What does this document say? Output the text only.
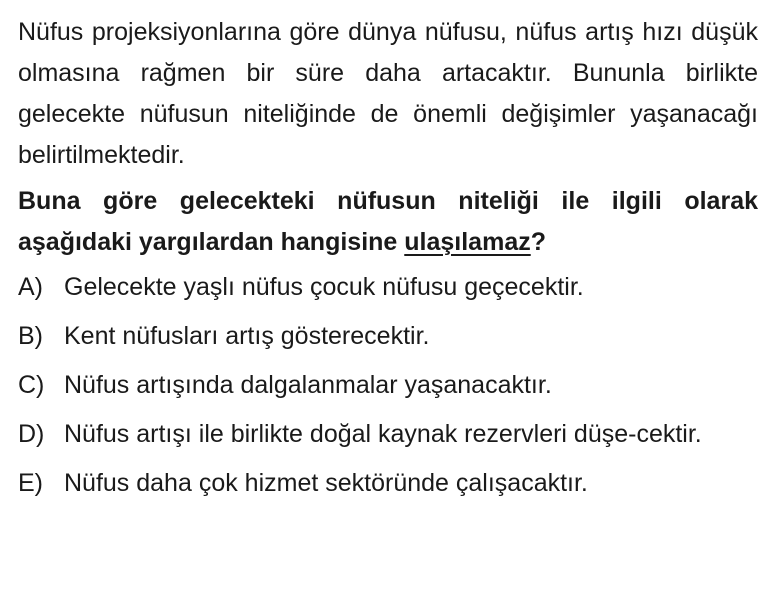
Nüfus projeksiyonlarına göre dünya nüfusu, nüfus artış hızı düşük olmasına rağmen bir süre daha artacaktır. Bununla birlikte gelecekte nüfusun niteliğinde de önemli değişimler yaşanacağı belirtilmektedir.

Buna göre gelecekteki nüfusun niteliği ile ilgili olarak aşağıdaki yargılardan hangisine ulaşılamaz?

A) Gelecekte yaşlı nüfus çocuk nüfusu geçecektir.
B) Kent nüfusları artış gösterecektir.
C) Nüfus artışında dalgalanmalar yaşanacaktır.
D) Nüfus artışı ile birlikte doğal kaynak rezervleri düşe-cektir.
E) Nüfus daha çok hizmet sektöründe çalışacaktır.
